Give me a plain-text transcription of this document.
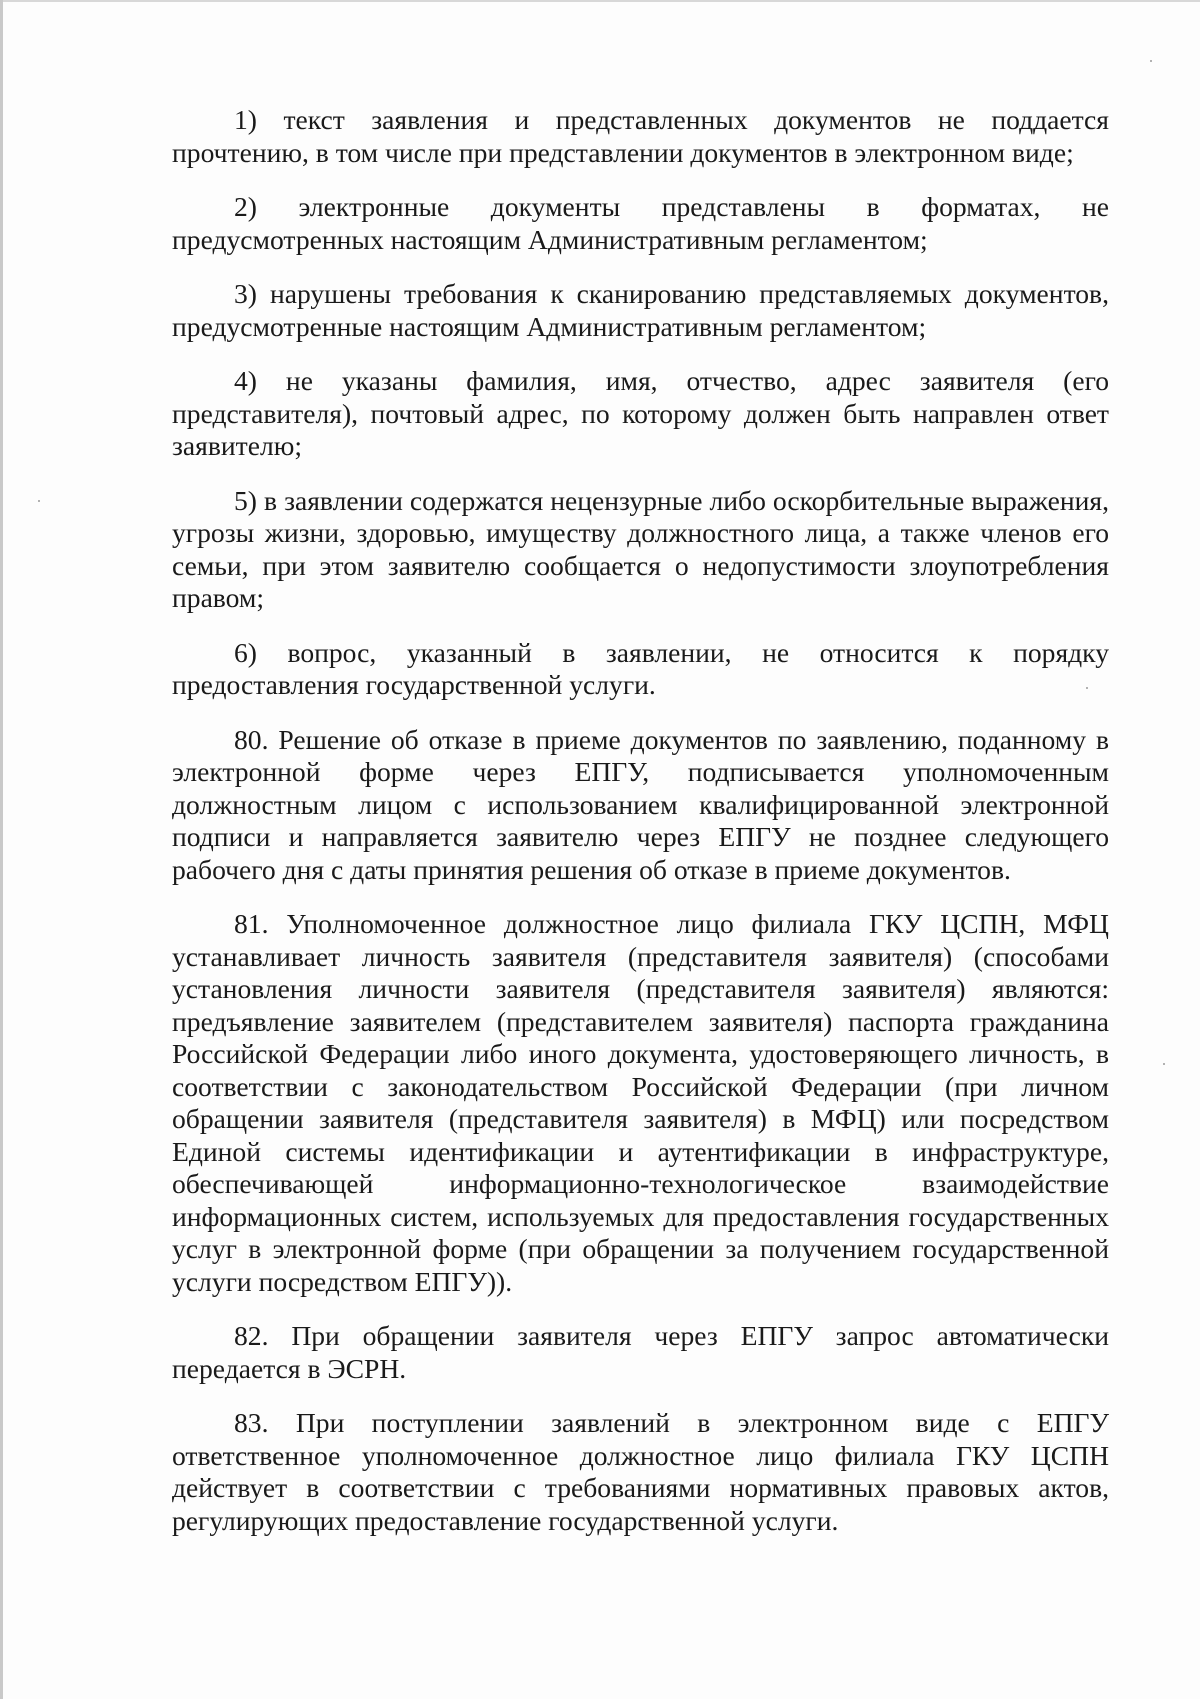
1) текст заявления и представленных документов не поддается прочтению, в том числе при представлении документов в электронном виде;

2) электронные документы представлены в форматах, не предусмотренных настоящим Административным регламентом;

3) нарушены требования к сканированию представляемых документов, предусмотренные настоящим Административным регламентом;

4) не указаны фамилия, имя, отчество, адрес заявителя (его представителя), почтовый адрес, по которому должен быть направлен ответ заявителю;

5) в заявлении содержатся нецензурные либо оскорбительные выражения, угрозы жизни, здоровью, имуществу должностного лица, а также членов его семьи, при этом заявителю сообщается о недопустимости злоупотребления правом;

6) вопрос, указанный в заявлении, не относится к порядку предоставления государственной услуги.

80. Решение об отказе в приеме документов по заявлению, поданному в электронной форме через ЕПГУ, подписывается уполномоченным должностным лицом с использованием квалифицированной электронной подписи и направляется заявителю через ЕПГУ не позднее следующего рабочего дня с даты принятия решения об отказе в приеме документов.

81. Уполномоченное должностное лицо филиала ГКУ ЦСПН, МФЦ устанавливает личность заявителя (представителя заявителя) (способами установления личности заявителя (представителя заявителя) являются: предъявление заявителем (представителем заявителя) паспорта гражданина Российской Федерации либо иного документа, удостоверяющего личность, в соответствии с законодательством Российской Федерации (при личном обращении заявителя (представителя заявителя) в МФЦ) или посредством Единой системы идентификации и аутентификации в инфраструктуре, обеспечивающей информационно-технологическое взаимодействие информационных систем, используемых для предоставления государственных услуг в электронной форме (при обращении за получением государственной услуги посредством ЕПГУ)).

82. При обращении заявителя через ЕПГУ запрос автоматически передается в ЭСРН.

83. При поступлении заявлений в электронном виде с ЕПГУ ответственное уполномоченное должностное лицо филиала ГКУ ЦСПН действует в соответствии с требованиями нормативных правовых актов, регулирующих предоставление государственной услуги.
